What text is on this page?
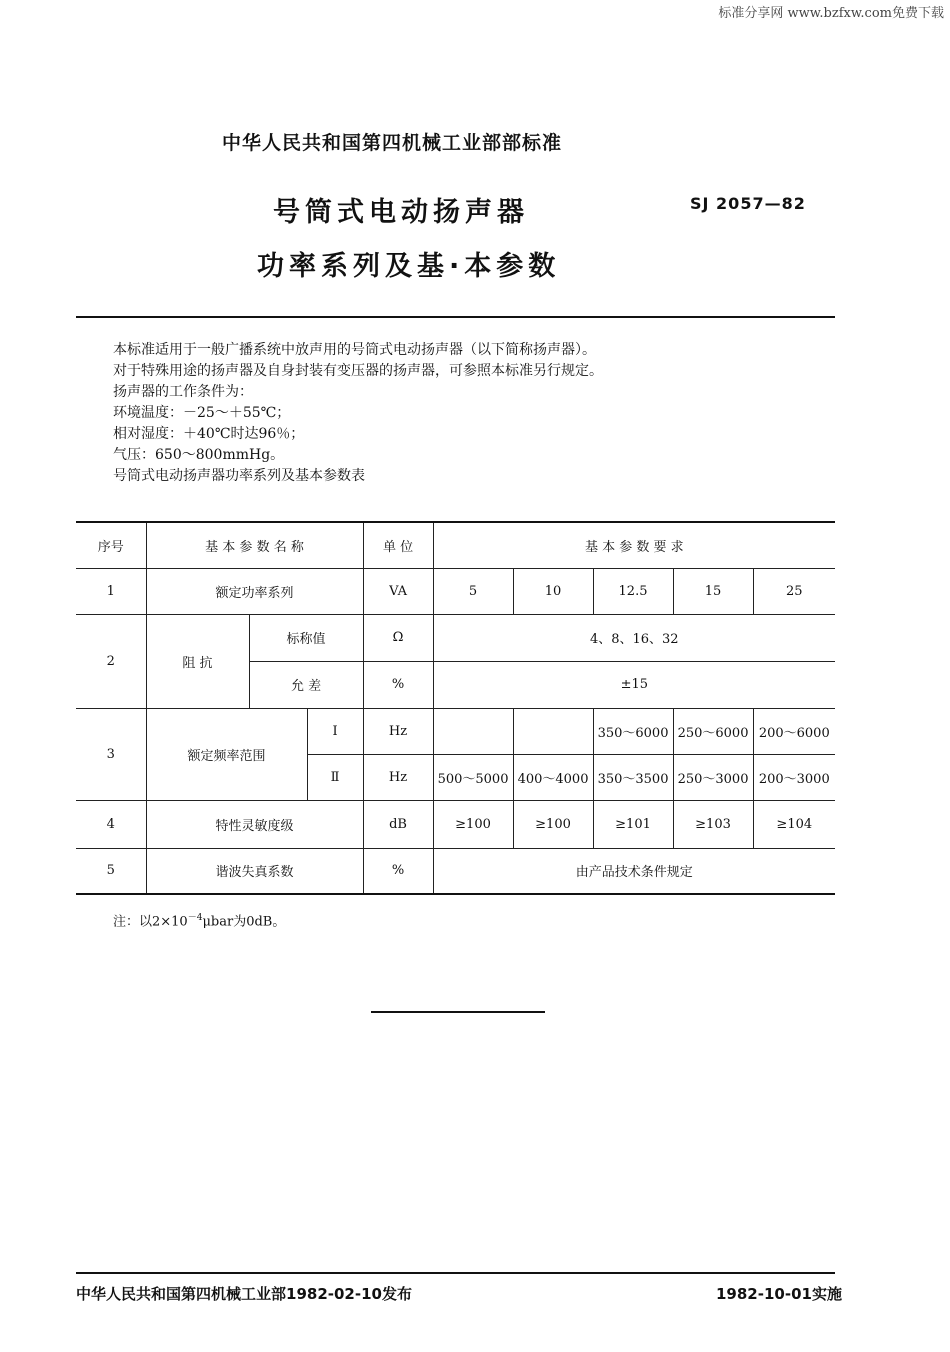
标准分享网 www.bzfxw.com免费下载
中华人民共和国第四机械工业部部标准
号筒式电动扬声器
功率系列及基·本参数
SJ 2057—82

本标准适用于一般广播系统中放声用的号筒式电动扬声器（以下简称扬声器）。

对于特殊用途的扬声器及自身封装有变压器的扬声器，可参照本标准另行规定。

扬声器的工作条件为：

环境温度：－25～＋55℃；

相对湿度：＋40℃时达96％；

气压：650～800mmHg。

号筒式电动扬声器功率系列及基本参数表

序号	基 本 参 数 名 称			单 位	基 本 参 数 要 求				
1	额定功率系列			VA	5	10	12.5	15	25
2	阻 抗	标称值		Ω	4、8、16、32				
		允 差		%	±15				
3	额定频率范围		Ⅰ	Hz			350～6000	250～6000	200～6000
			Ⅱ	Hz	500～5000	400～4000	350～3500	250～3000	200～3000
4	特性灵敏度级			dB	≥100	≥100	≥101	≥103	≥104
5	谐波失真系数			%	由产品技术条件规定				
注：以$2\times 10^{-4}\mu bar$为0dB。
中华人民共和国第四机械工业部1982-02-10发布	1982-10-01实施
